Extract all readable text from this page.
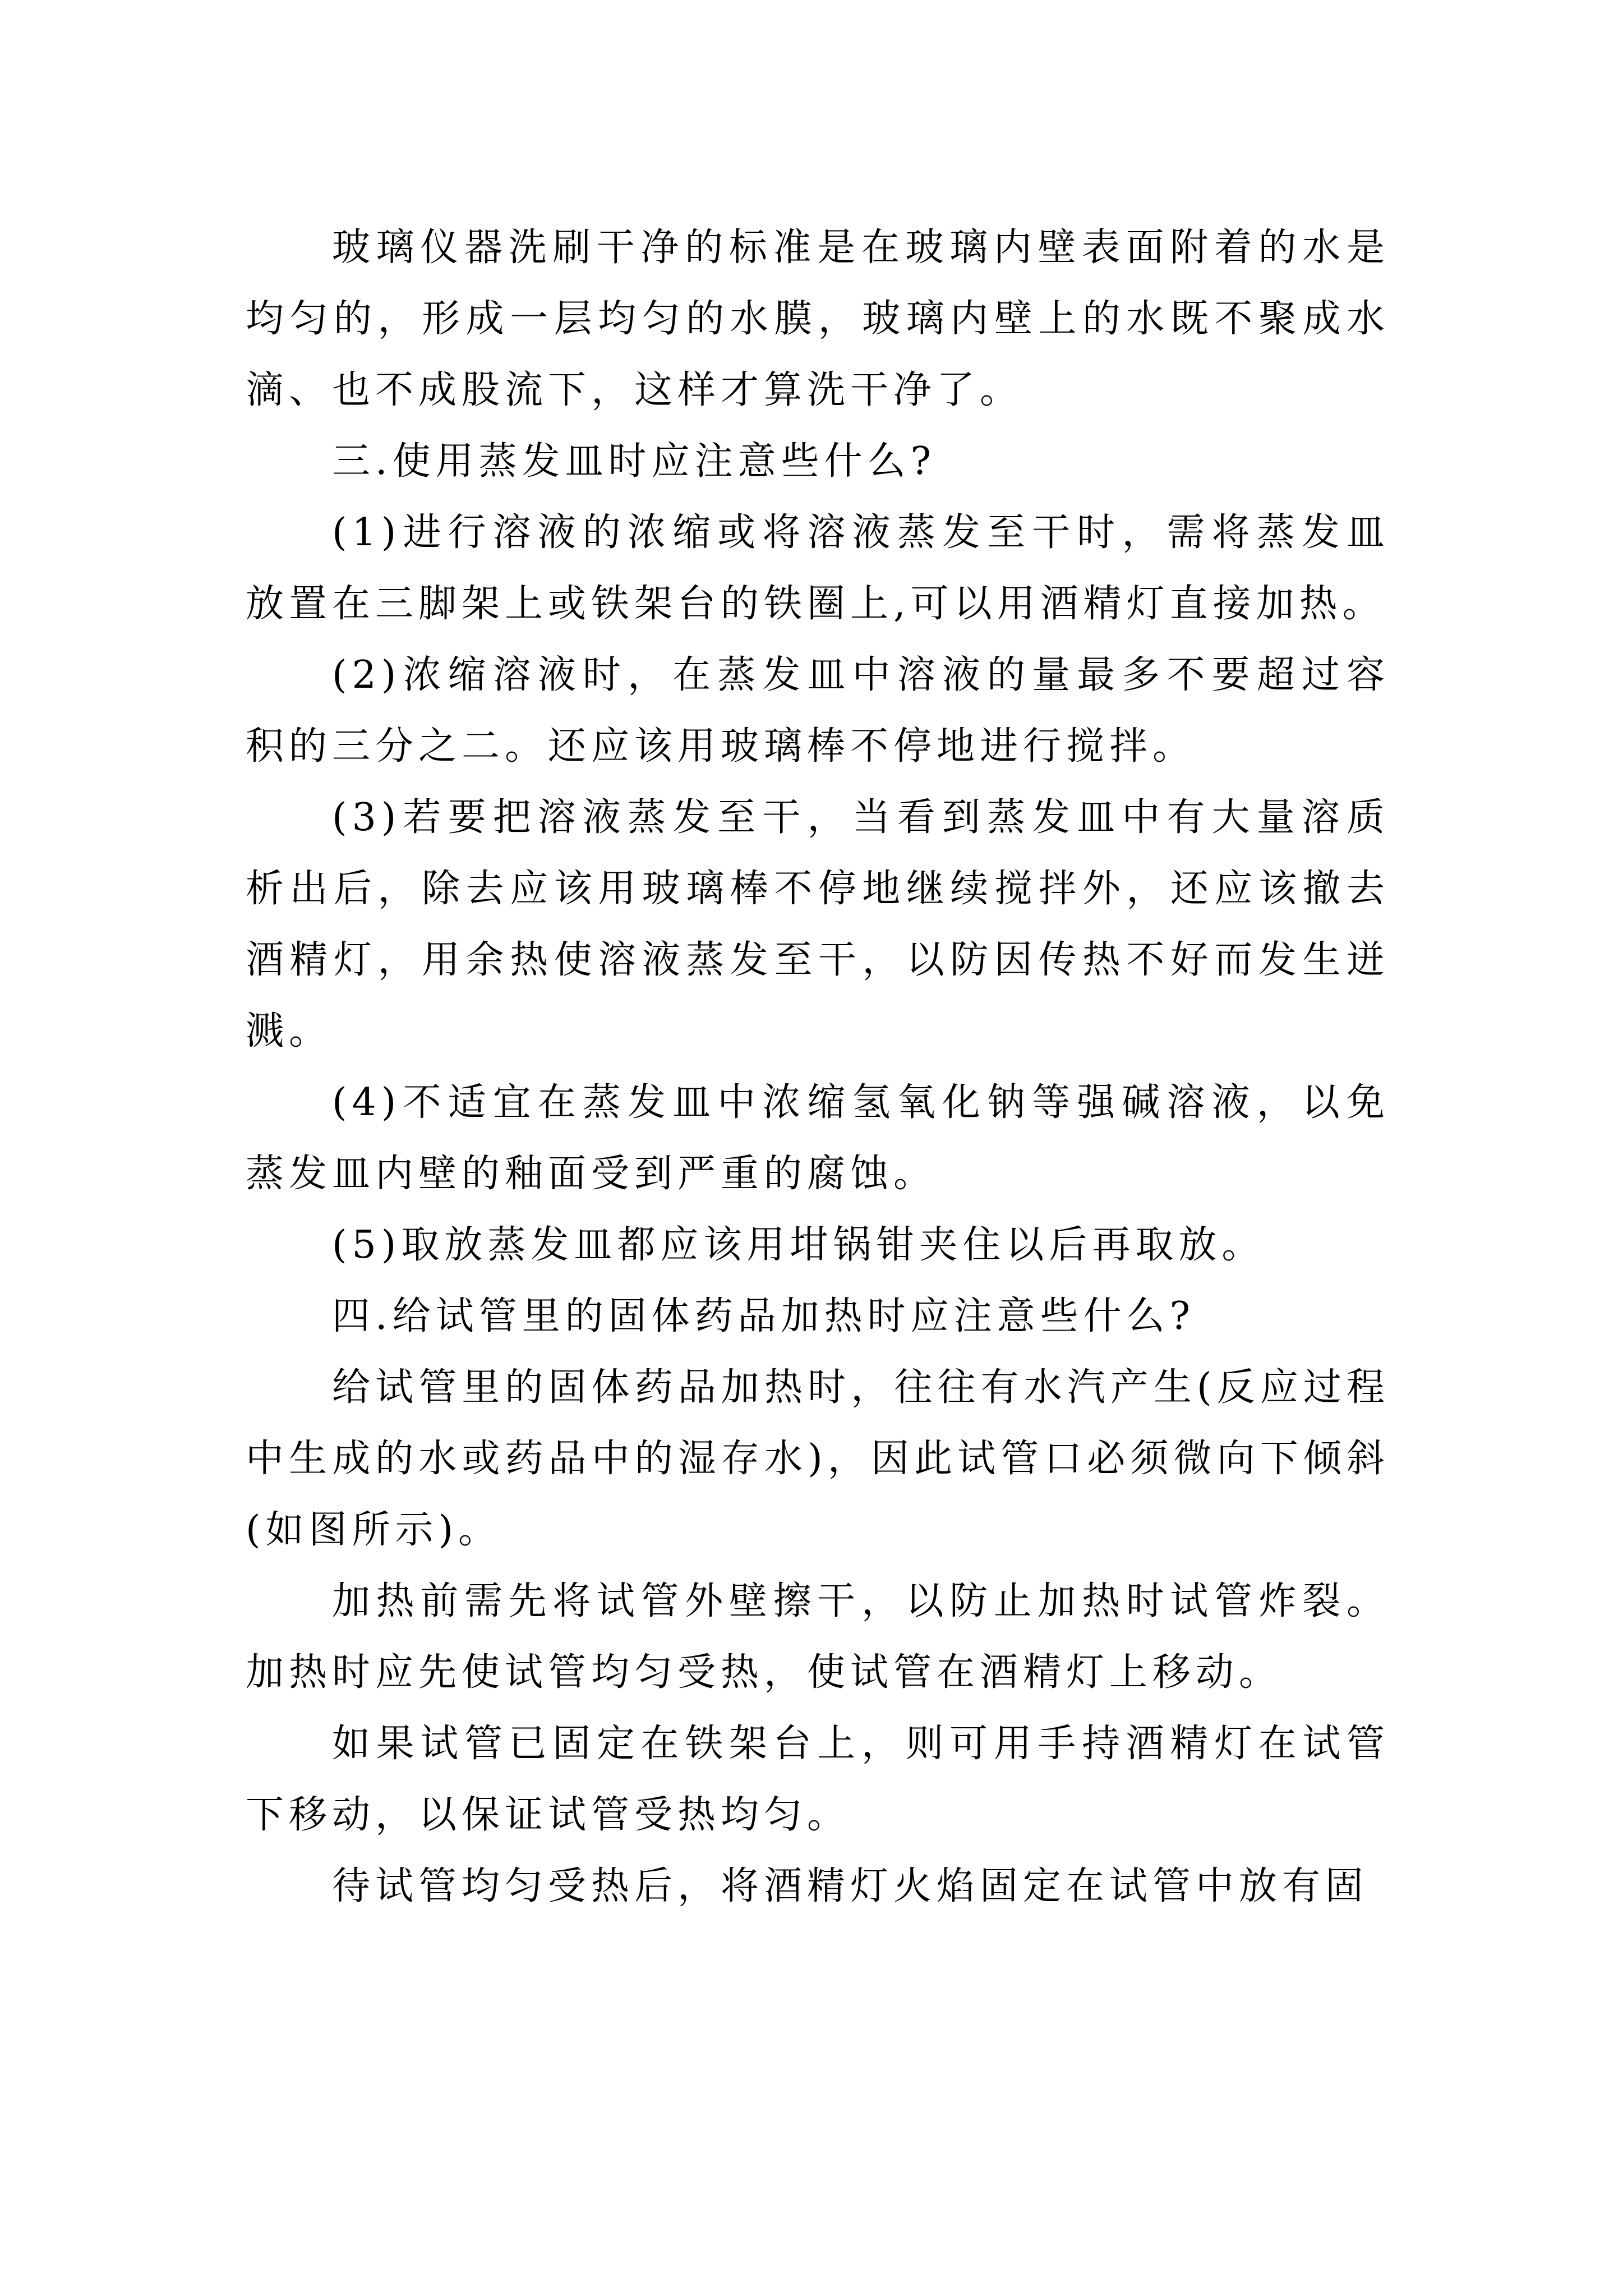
玻璃仪器洗刷干净的标准是在玻璃内壁表面附着的水是均匀的，形成一层均匀的水膜，玻璃内壁上的水既不聚成水滴、也不成股流下，这样才算洗干净了。

三.使用蒸发皿时应注意些什么?

(1)进行溶液的浓缩或将溶液蒸发至干时，需将蒸发皿放置在三脚架上或铁架台的铁圈上,可以用酒精灯直接加热。

(2)浓缩溶液时，在蒸发皿中溶液的量最多不要超过容积的三分之二。还应该用玻璃棒不停地进行搅拌。

(3)若要把溶液蒸发至干，当看到蒸发皿中有大量溶质析出后，除去应该用玻璃棒不停地继续搅拌外，还应该撤去酒精灯，用余热使溶液蒸发至干，以防因传热不好而发生迸溅。

(4)不适宜在蒸发皿中浓缩氢氧化钠等强碱溶液，以免蒸发皿内壁的釉面受到严重的腐蚀。

(5)取放蒸发皿都应该用坩锅钳夹住以后再取放。

四.给试管里的固体药品加热时应注意些什么?

给试管里的固体药品加热时，往往有水汽产生(反应过程中生成的水或药品中的湿存水)，因此试管口必须微向下倾斜(如图所示)。

加热前需先将试管外壁擦干，以防止加热时试管炸裂。加热时应先使试管均匀受热，使试管在酒精灯上移动。

如果试管已固定在铁架台上，则可用手持酒精灯在试管下移动，以保证试管受热均匀。

待试管均匀受热后，将酒精灯火焰固定在试管中放有固
